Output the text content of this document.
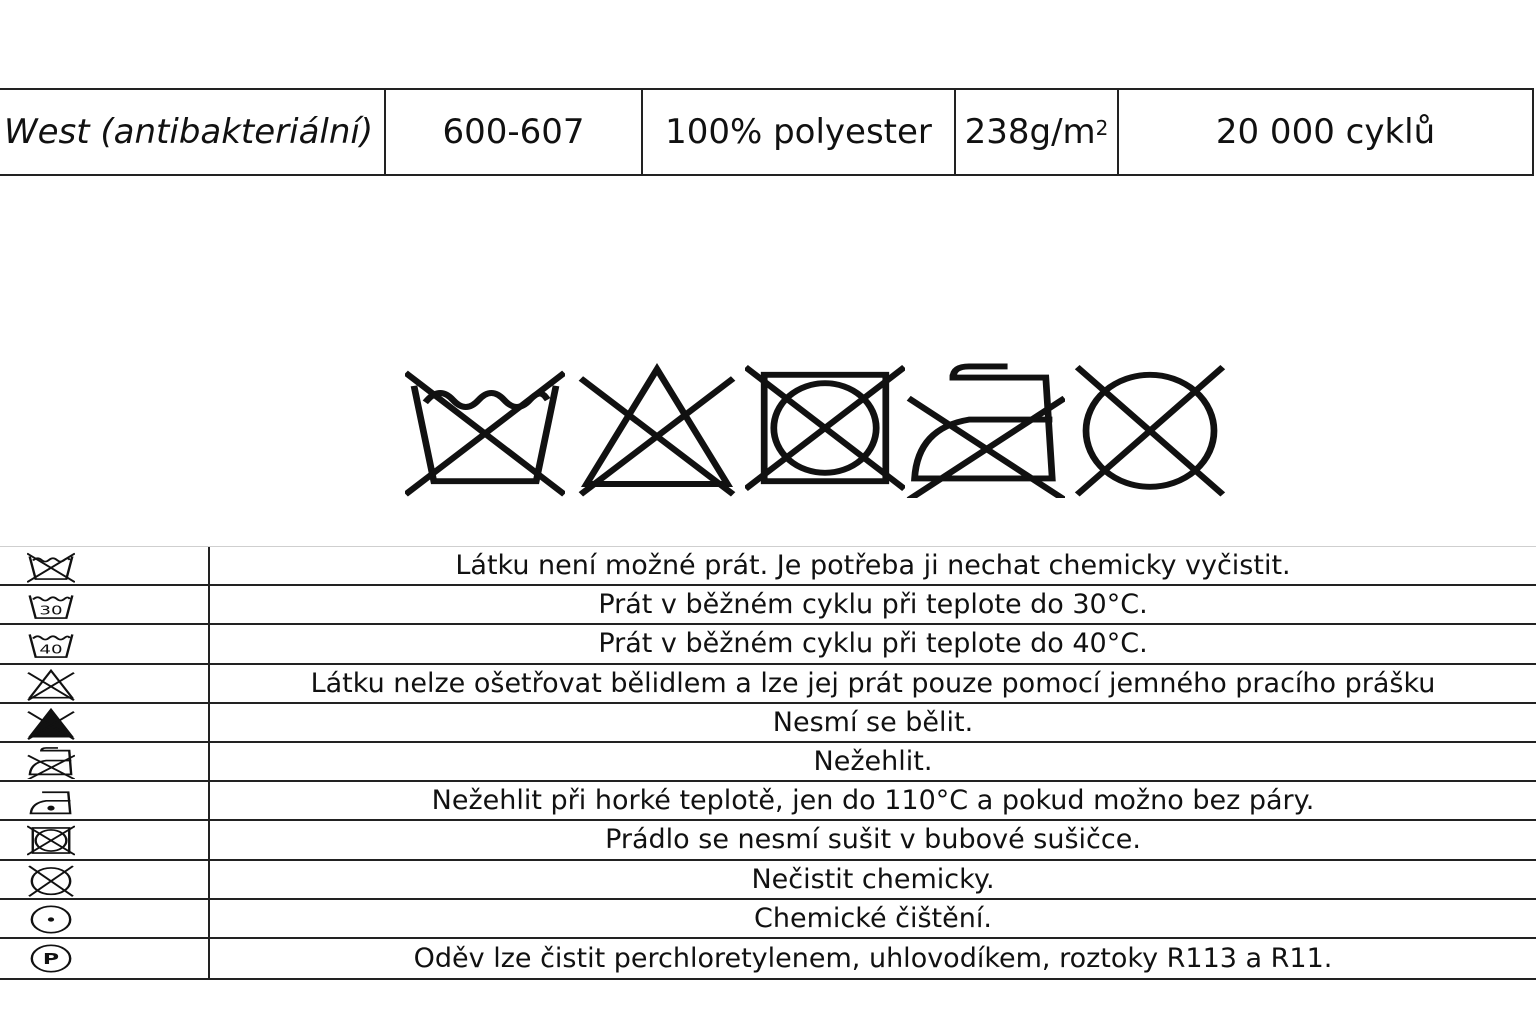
West (antibakteriální)	600-607	100% polyester $238g/m^2$	20 000 cyklů
Látku není možné prát. Je potřeba ji nechat chemicky vyčistit.
30	Prát v běžném cyklu při teplote do 30°C.
40	Prát v běžném cyklu při teplote do 40°C.
Látku nelze ošetřovat bělidlem a lze jej prát pouze pomocí jemného pracího prášku
Nesmí se bělit.
Nežehlit.
Nežehlit při horké teplotě, jen do 110°C a pokud možno bez páry.
Prádlo se nesmí sušit v bubové sušičce.
Nečistit chemicky.
Chemické čištění.
P	Oděv lze čistit perchloretylenem, uhlovodíkem, roztoky R113 a R11.
